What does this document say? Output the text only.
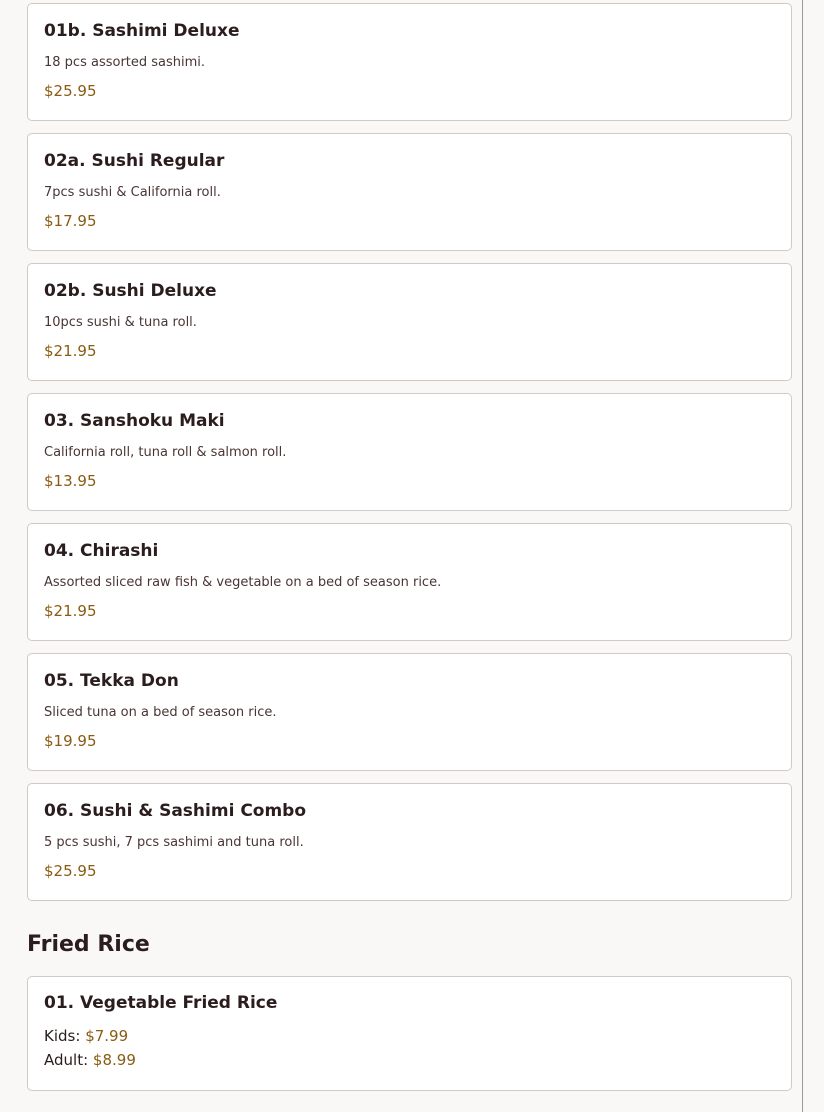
01b. Sashimi Deluxe
18 pcs assorted sashimi.
$25.95
02a. Sushi Regular
7pcs sushi & California roll.
$17.95
02b. Sushi Deluxe
10pcs sushi & tuna roll.
$21.95
03. Sanshoku Maki
California roll, tuna roll & salmon roll.
$13.95
04. Chirashi
Assorted sliced raw fish & vegetable on a bed of season rice.
$21.95
05. Tekka Don
Sliced tuna on a bed of season rice.
$19.95
06. Sushi & Sashimi Combo
5 pcs sushi, 7 pcs sashimi and tuna roll.
$25.95
Fried Rice
01. Vegetable Fried Rice
Kids: $7.99
Adult: $8.99
